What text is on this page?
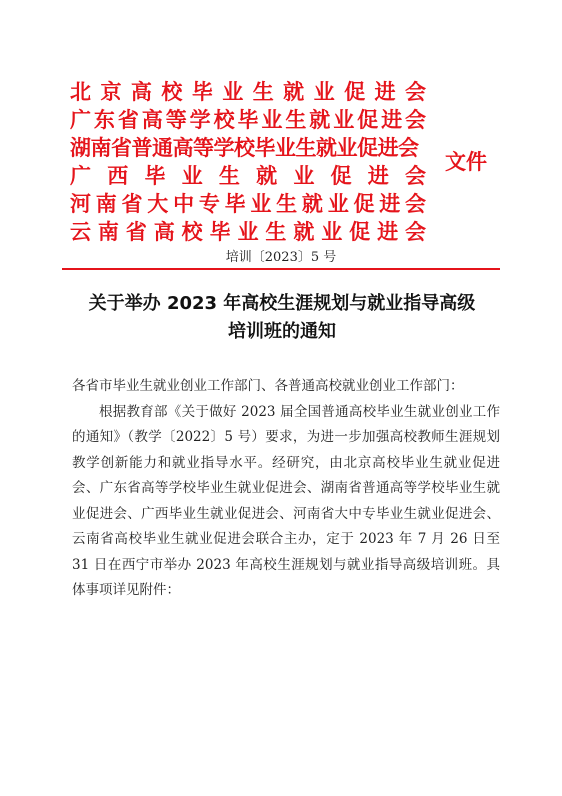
北 京 高 校 毕 业 生 就 业 促 进 会
广东省高等学校毕业生就业促进会
湖南省普通高等学校毕业生就业促进会
广 西 毕 业 生 就 业 促 进 会
河南省大中专毕业生就业促进会
云南省高校毕业生就业促进会
文件
培训〔2023〕5 号
关于举办 2023 年高校生涯规划与就业指导高级
培训班的通知

各省市毕业生就业创业工作部门、各普通高校就业创业工作部门：

根据教育部《关于做好 2023 届全国普通高校毕业生就业创业工作的通知》（教学〔2022〕5 号）要求，为进一步加强高校教师生涯规划教学创新能力和就业指导水平。经研究，由北京高校毕业生就业促进会、广东省高等学校毕业生就业促进会、湖南省普通高等学校毕业生就业促进会、广西毕业生就业促进会、河南省大中专毕业生就业促进会、云南省高校毕业生就业促进会联合主办，定于 2023 年 7 月 26 日至 31 日在西宁市举办 2023 年高校生涯规划与就业指导高级培训班。具体事项详见附件：
